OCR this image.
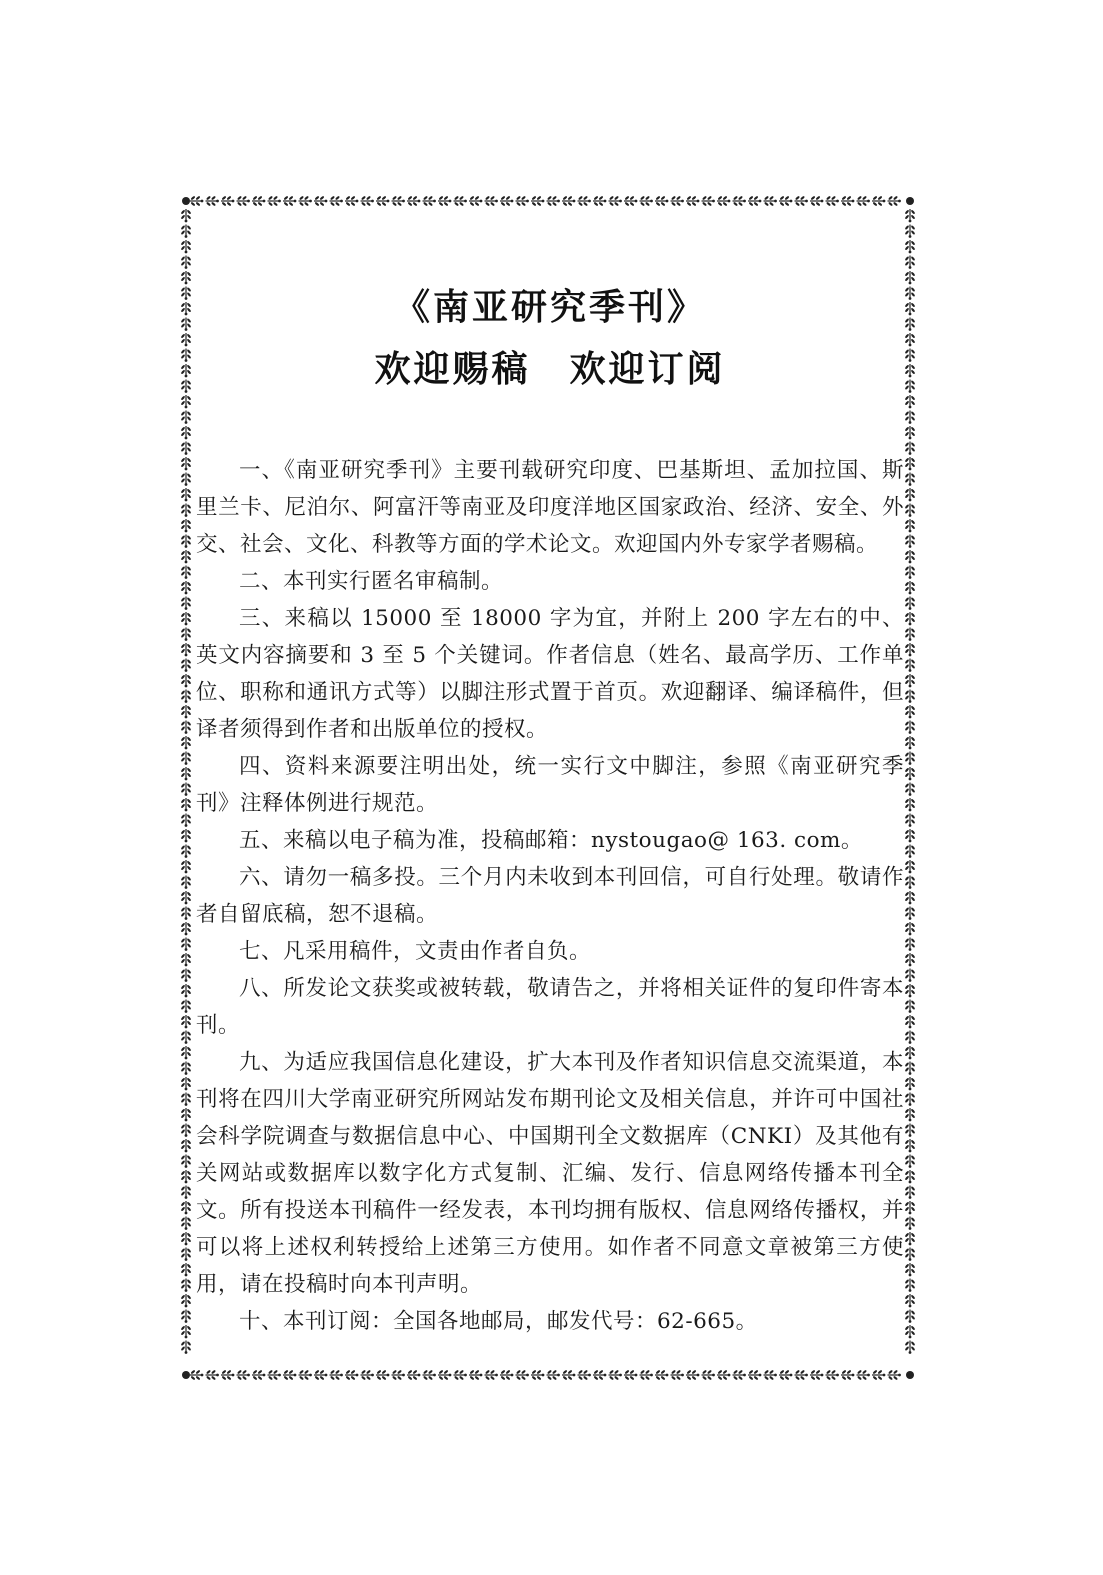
《南亚研究季刊》
欢迎赐稿　欢迎订阅

一、《南亚研究季刊》主要刊载研究印度、巴基斯坦、孟加拉国、斯里兰卡、尼泊尔、阿富汗等南亚及印度洋地区国家政治、经济、安全、外交、社会、文化、科教等方面的学术论文。欢迎国内外专家学者赐稿。

二、本刊实行匿名审稿制。

三、来稿以 15000 至 18000 字为宜，并附上 200 字左右的中、英文内容摘要和 3 至 5 个关键词。作者信息（姓名、最高学历、工作单位、职称和通讯方式等）以脚注形式置于首页。欢迎翻译、编译稿件，但译者须得到作者和出版单位的授权。

四、资料来源要注明出处，统一实行文中脚注，参照《南亚研究季刊》注释体例进行规范。

五、来稿以电子稿为准，投稿邮箱：nystougao@ 163. com。

六、请勿一稿多投。三个月内未收到本刊回信，可自行处理。敬请作者自留底稿，恕不退稿。

七、凡采用稿件，文责由作者自负。

八、所发论文获奖或被转载，敬请告之，并将相关证件的复印件寄本刊。

九、为适应我国信息化建设，扩大本刊及作者知识信息交流渠道，本刊将在四川大学南亚研究所网站发布期刊论文及相关信息，并许可中国社会科学院调查与数据信息中心、中国期刊全文数据库（CNKI）及其他有关网站或数据库以数字化方式复制、汇编、发行、信息网络传播本刊全文。所有投送本刊稿件一经发表，本刊均拥有版权、信息网络传播权，并可以将上述权利转授给上述第三方使用。如作者不同意文章被第三方使用，请在投稿时向本刊声明。

十、本刊订阅：全国各地邮局，邮发代号：62-665。
